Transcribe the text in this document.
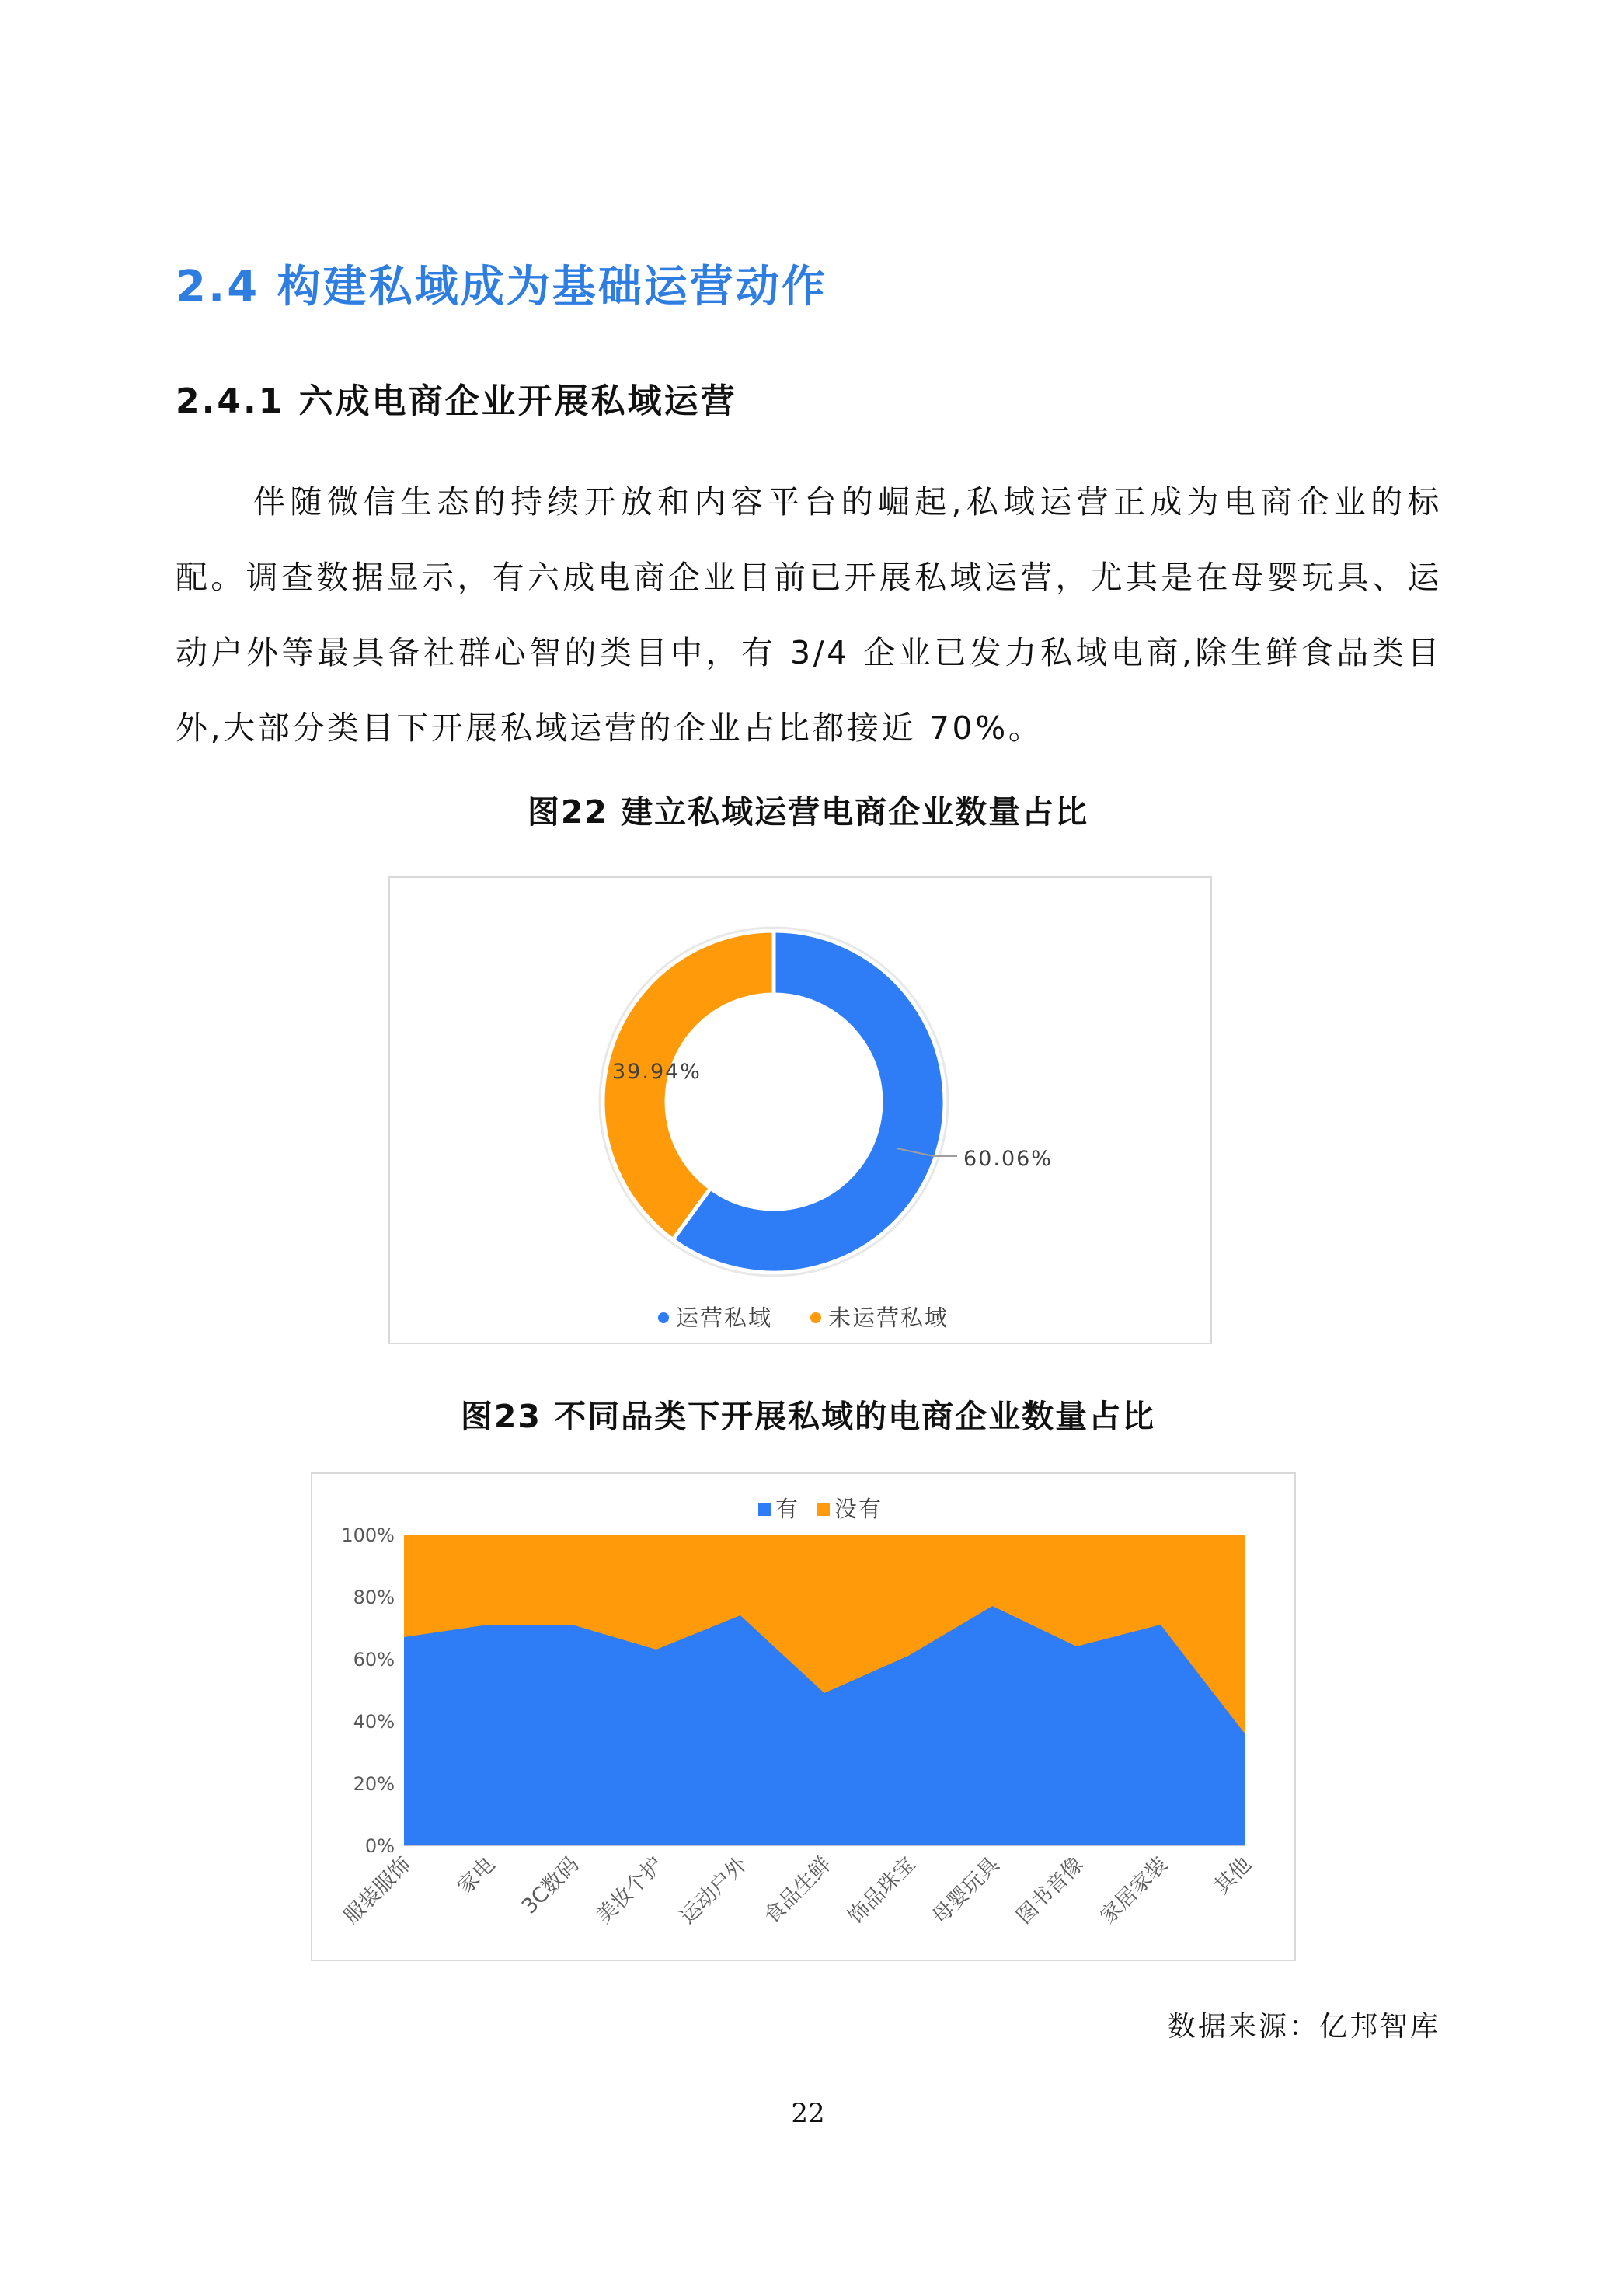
2.4 构建私域成为基础运营动作
2.4.1 六成电商企业开展私域运营
伴随微信生态的持续开放和内容平台的崛起,私域运营正成为电商企业的标配。调查数据显示，有六成电商企业目前已开展私域运营，尤其是在母婴玩具、运动户外等最具备社群心智的类目中，有 3/4 企业已发力私域电商,除生鲜食品类目外,大部分类目下开展私域运营的企业占比都接近 70%。
图22 建立私域运营电商企业数量占比
60.06%
39.94%
运营私域 未运营私域
图23 不同品类下开展私域的电商企业数量占比
0%
20%
40%
60%
80%
100%
服装服饰 家电 3C数码 美妆个护 运动户外 食品生鲜 饰品珠宝 母婴玩具 图书音像 家居家装 其他
有 没有
数据来源：亿邦智库
22
